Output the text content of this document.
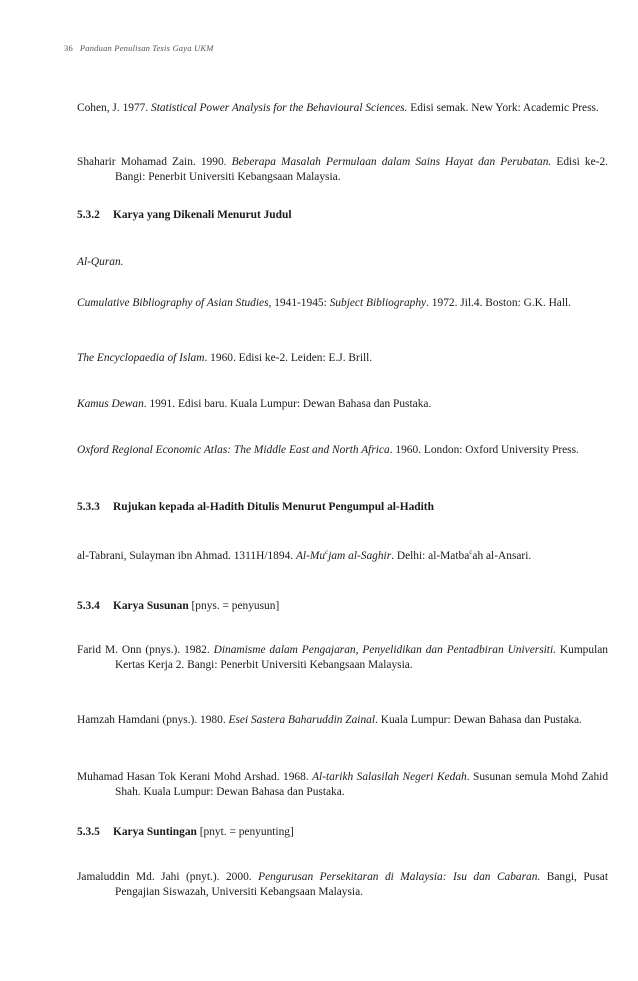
36 Panduan Penulisan Tesis Gaya UKM
Cohen, J. 1977. Statistical Power Analysis for the Behavioural Sciences. Edisi semak. New York: Academic Press.
Shaharir Mohamad Zain. 1990. Beberapa Masalah Permulaan dalam Sains Hayat dan Perubatan. Edisi ke-2. Bangi: Penerbit Universiti Kebangsaan Malaysia.
5.3.2 Karya yang Dikenali Menurut Judul
Al-Quran.
Cumulative Bibliography of Asian Studies, 1941-1945: Subject Bibliography. 1972. Jil.4. Boston: G.K. Hall.
The Encyclopaedia of Islam. 1960. Edisi ke-2. Leiden: E.J. Brill.
Kamus Dewan. 1991. Edisi baru. Kuala Lumpur: Dewan Bahasa dan Pustaka.
Oxford Regional Economic Atlas: The Middle East and North Africa. 1960. London: Oxford University Press.
5.3.3 Rujukan kepada al-Hadith Ditulis Menurut Pengumpul al-Hadith
al-Tabrani, Sulayman ibn Ahmad. 1311H/1894. Al-Mu$^c$jam al-Saghir. Delhi: al-Matba$^c$ah al-Ansari.
5.3.4 Karya Susunan [pnys. = penyusun]
Farid M. Onn (pnys.). 1982. Dinamisme dalam Pengajaran, Penyelidikan dan Pentadbiran Universiti. Kumpulan Kertas Kerja 2. Bangi: Penerbit Universiti Kebangsaan Malaysia.
Hamzah Hamdani (pnys.). 1980. Esei Sastera Baharuddin Zainal. Kuala Lumpur: Dewan Bahasa dan Pustaka.
Muhamad Hasan Tok Kerani Mohd Arshad. 1968. Al-tarikh Salasilah Negeri Kedah. Susunan semula Mohd Zahid Shah. Kuala Lumpur: Dewan Bahasa dan Pustaka.
5.3.5 Karya Suntingan [pnyt. = penyunting]
Jamaluddin Md. Jahi (pnyt.). 2000. Pengurusan Persekitaran di Malaysia: Isu dan Cabaran. Bangi, Pusat Pengajian Siswazah, Universiti Kebangsaan Malaysia.
